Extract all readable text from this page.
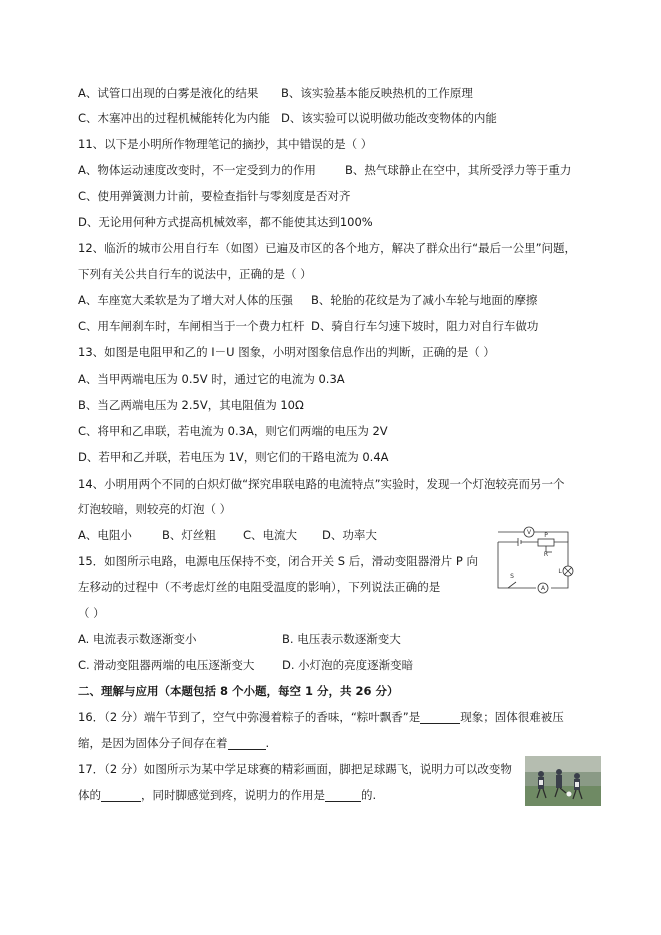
A、试管口出现的白雾是液化的结果 B、该实验基本能反映热机的工作原理
C、木塞冲出的过程机械能转化为内能 D、该实验可以说明做功能改变物体的内能
11、以下是小明所作物理笔记的摘抄，其中错误的是（ ）
A、物体运动速度改变时，不一定受到力的作用	B、热气球静止在空中，其所受浮力等于重力
C、使用弹簧测力计前，要检查指针与零刻度是否对齐
D、无论用何种方式提高机械效率，都不能使其达到100%
12、临沂的城市公用自行车（如图）已遍及市区的各个地方，解决了群众出行“最后一公里”问题，
下列有关公共自行车的说法中，正确的是（ ）
A、车座宽大柔软是为了增大对人体的压强 B、轮胎的花纹是为了减小车轮与地面的摩擦
C、用车闸刹车时，车闸相当于一个费力杠杆 D、骑自行车匀速下坡时，阻力对自行车做功
13、如图是电阻甲和乙的 I－U 图象，小明对图象信息作出的判断，正确的是（ ）
A、当甲两端电压为 0.5V 时，通过它的电流为 0.3A
B、当乙两端电压为 2.5V，其电阻值为 10Ω
C、将甲和乙串联，若电流为 0.3A，则它们两端的电压为 2V
D、若甲和乙并联，若电压为 1V，则它们的干路电流为 0.4A
14、小明用两个不同的白炽灯做“探究串联电路的电流特点”实验时，发现一个灯泡较亮而另一个
灯泡较暗，则较亮的灯泡（ ）
A、电阻小	B、灯丝粗 C、电流大 D、功率大
15．如图所示电路，电源电压保持不变，闭合开关 S 后，滑动变阻器滑片 P 向
左移动的过程中（不考虑灯丝的电阻受温度的影响），下列说法正确的是
（ ）
A. 电流表示数逐渐变小	B. 电压表示数逐渐变大
C. 滑动变阻器两端的电压逐渐变大 D. 小灯泡的亮度逐渐变暗
V P
R
L
S
A
二、理解与应用（本题包括 8 个小题，每空 1 分，共 26 分）
16．（2 分）端午节到了，空气中弥漫着粽子的香味，“粽叶飘香”是	现象；固体很难被压
缩，是因为固体分子间存在着	.
17．（2 分）如图所示为某中学足球赛的精彩画面，脚把足球踢飞，说明力可以改变物
体的	，同时脚感觉到疼，说明力的作用是	的.
